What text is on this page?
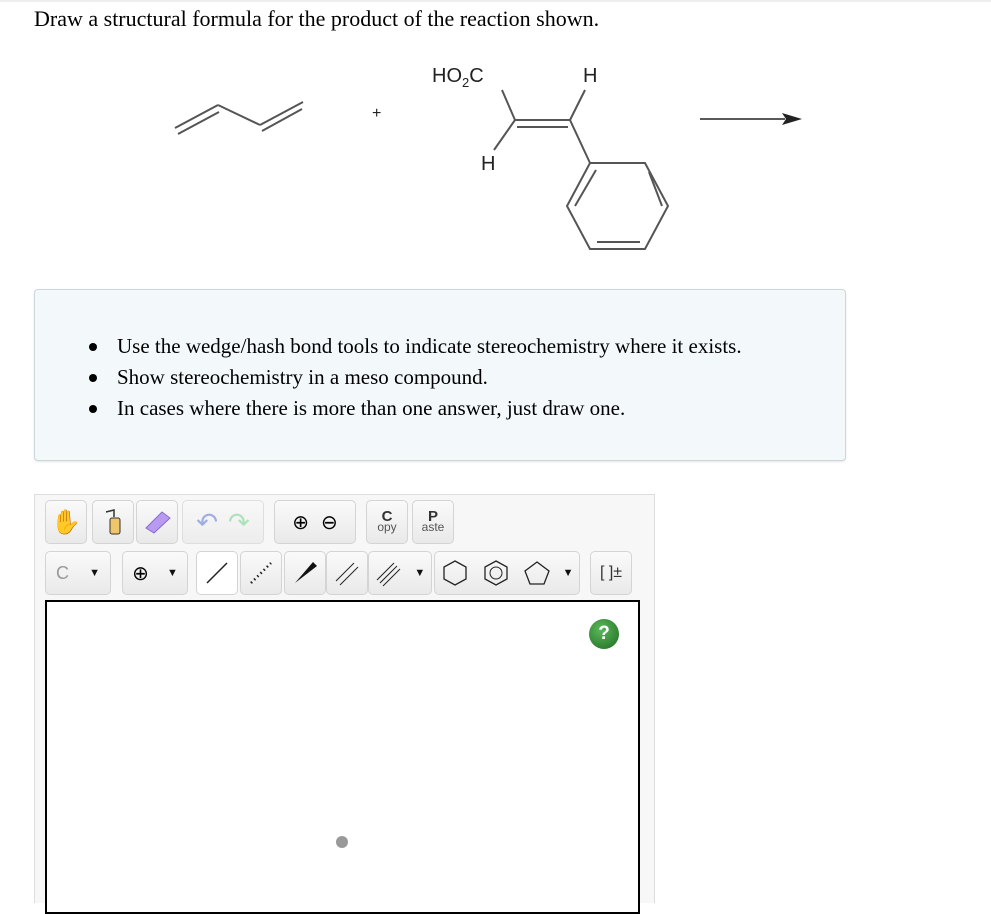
Draw a structural formula for the product of the reaction shown.
+
$HO_2C$	H
H
Use the wedge/hash bond tools to indicate stereochemistry where it exists.
Show stereochemistry in a meso compound.
In cases where there is more than one answer, just draw one.
✋	↶ ↷ ⊕ ⊖	C
opy
P
aste
C ▼ ⊕ ▼	▼	▼	[ ]±
?
